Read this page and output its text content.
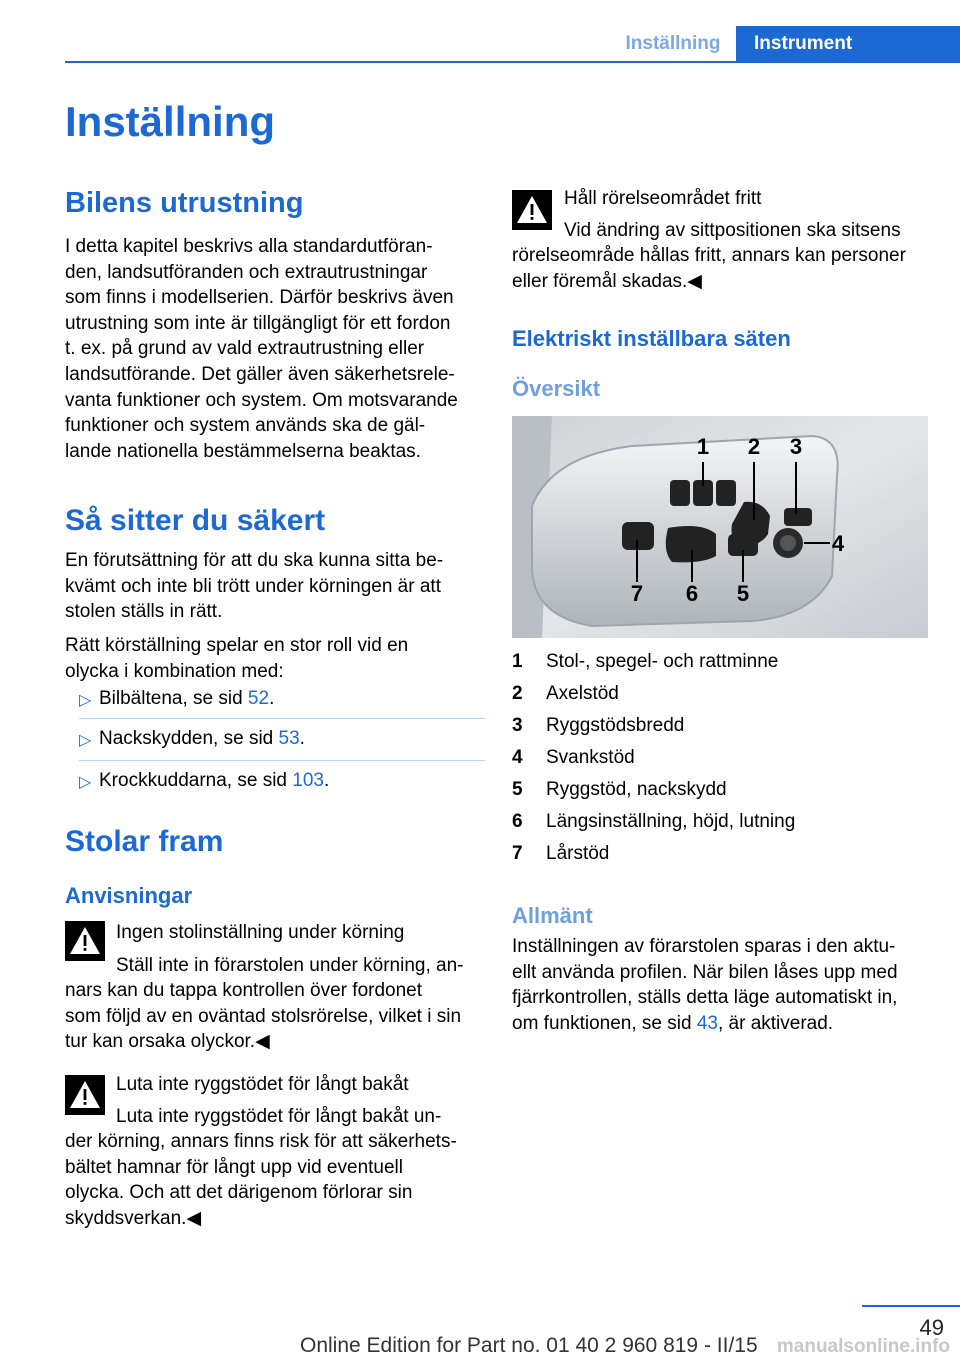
Inställning	Instrument
Inställning
Bilens utrustning
I detta kapitel beskrivs alla standardutföran‐
den, landsutföranden och extrautrustningar
som finns i modellserien. Därför beskrivs även
utrustning som inte är tillgängligt för ett fordon
t. ex. på grund av vald extrautrustning eller
landsutförande. Det gäller även säkerhetsrele‐
vanta funktioner och system. Om motsvarande
funktioner och system används ska de gäl‐
lande nationella bestämmelserna beaktas.
Så sitter du säkert
En förutsättning för att du ska kunna sitta be‐
kvämt och inte bli trött under körningen är att
stolen ställs in rätt.
Rätt körställning spelar en stor roll vid en
olycka i kombination med:
▷ Bilbältena, se sid 52.
▷ Nackskydden, se sid 53.
▷ Krockkuddarna, se sid 103.
Stolar fram
Anvisningar
Ingen stolinställning under körning
Ställ inte in förarstolen under körning, an‐
nars kan du tappa kontrollen över fordonet
som följd av en oväntad stolsrörelse, vilket i sin
tur kan orsaka olyckor.◀
Luta inte ryggstödet för långt bakåt
Luta inte ryggstödet för långt bakåt un‐
der körning, annars finns risk för att säkerhets‐
bältet hamnar för långt upp vid eventuell
olycka. Och att det därigenom förlorar sin
skyddsverkan.◀
Håll rörelseområdet fritt
Vid ändring av sittpositionen ska sitsens
rörelseområde hållas fritt, annars kan personer
eller föremål skadas.◀
Elektriskt inställbara säten
Översikt
1 2 3
4
5
6
7
1	Stol-, spegel- och rattminne
2	Axelstöd
3	Ryggstödsbredd
4	Svankstöd
5	Ryggstöd, nackskydd
6	Längsinställning, höjd, lutning
7	Lårstöd
Allmänt
Inställningen av förarstolen sparas i den aktu‐
ellt använda profilen. När bilen låses upp med
fjärrkontrollen, ställs detta läge automatiskt in,
om funktionen, se sid 43, är aktiverad.
49
Online Edition for Part no. 01 40 2 960 819 - II/15	manualsonline.info
